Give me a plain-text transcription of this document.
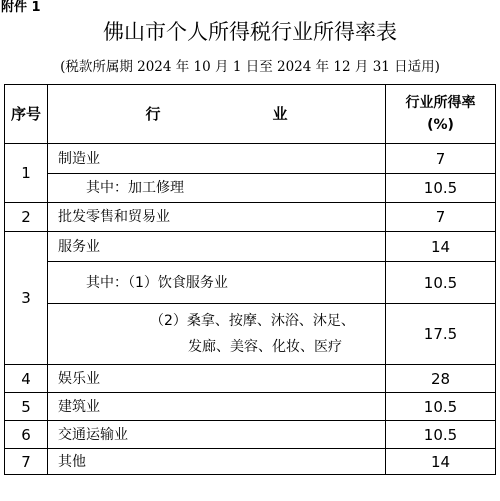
附件 1
佛山市个人所得税行业所得率表
(税款所属期 2024 年 10 月 1 日至 2024 年 12 月 31 日适用)
序号	行 业	行业所得率
(%)

1	制造业	7
	其中：加工修理	10.5
2	批发零售和贸易业	7
3	服务业	14
	其中：（1）饮食服务业	10.5
	（2）桑拿、按摩、沐浴、沐足、
发廊、美容、化妆、医疗	17.5
4	娱乐业	28
5	建筑业	10.5
6	交通运输业	10.5
7	其他	14
